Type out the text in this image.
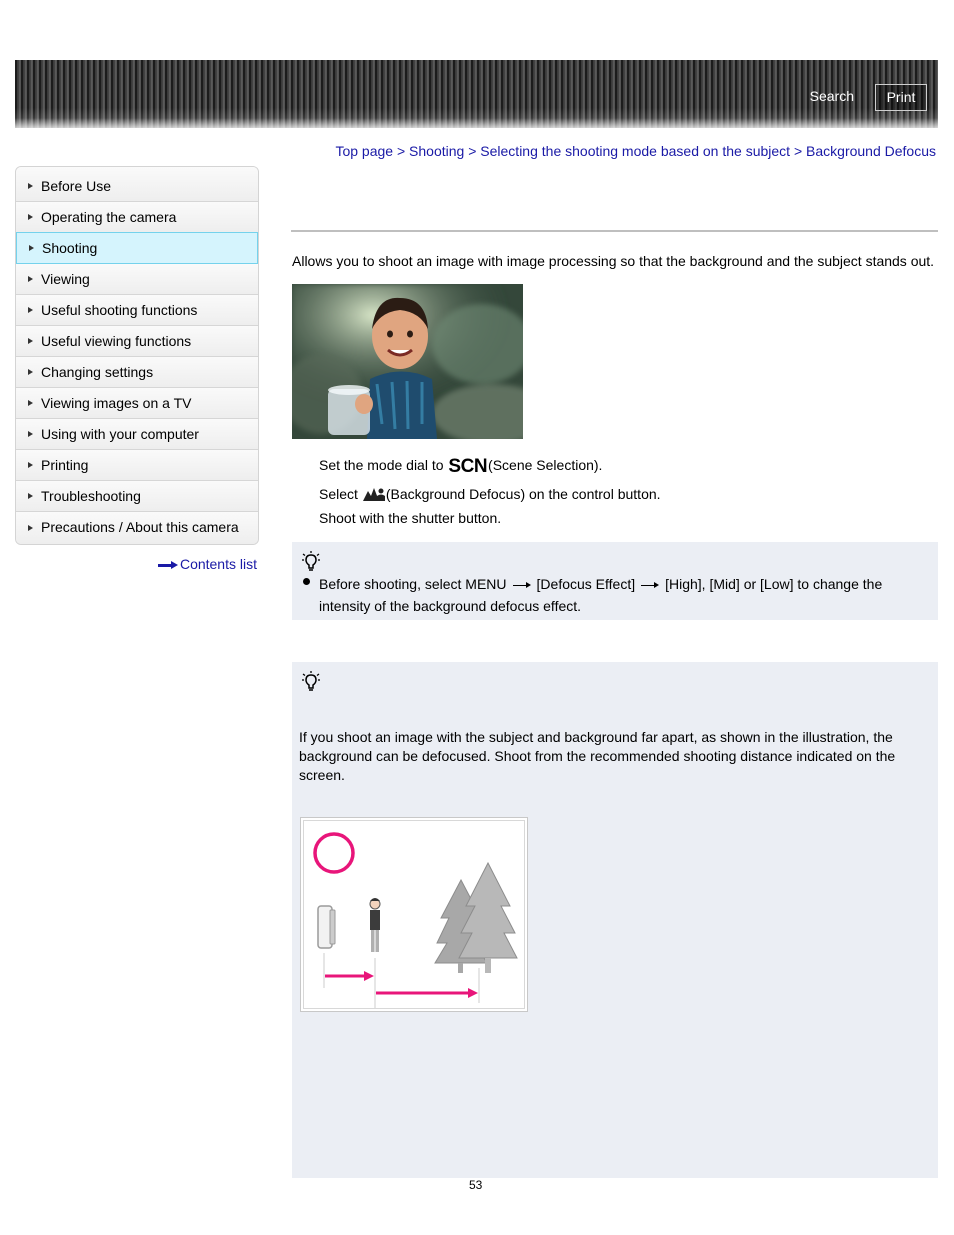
Search	Print
Top page > Shooting > Selecting the shooting mode based on the subject > Background Defocus
Before Use
Operating the camera
Shooting
Viewing
Useful shooting functions
Useful viewing functions
Changing settings
Viewing images on a TV
Using with your computer
Printing
Troubleshooting
Precautions / About this camera
Contents list
Allows you to shoot an image with image processing so that the background and the subject stands out.
Set the mode dial to SCN(Scene Selection).
Select (Background Defocus) on the control button.
Shoot with the shutter button.
Before shooting, select MENU [Defocus Effect] [High], [Mid] or [Low] to change the intensity of the background defocus effect.
If you shoot an image with the subject and background far apart, as shown in the illustration, the background can be defocused. Shoot from the recommended shooting distance indicated on the screen.
53
